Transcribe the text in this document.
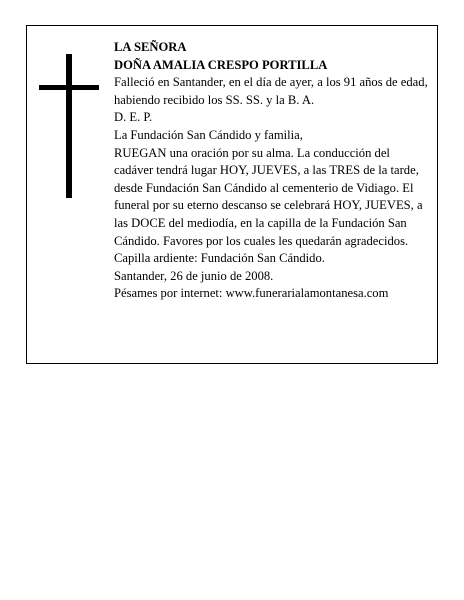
LA SEÑORA

DOÑA AMALIA CRESPO PORTILLA

Falleció en Santander, en el día de ayer, a los 91 años de edad, habiendo recibido los SS. SS. y la B. A.

D. E. P.

La Fundación San Cándido y familia,

RUEGAN una oración por su alma. La conducción del cadáver tendrá lugar HOY, JUEVES, a las TRES de la tarde, desde Fundación San Cándido al cementerio de Vidiago. El funeral por su eterno descanso se celebrará HOY, JUEVES, a las DOCE del mediodía, en la capilla de la Fundación San Cándido. Favores por los cuales les quedarán agradecidos. Capilla ardiente: Fundación San Cándido.

Santander, 26 de junio de 2008.

Pésames por internet: www.funerarialamontanesa.com
